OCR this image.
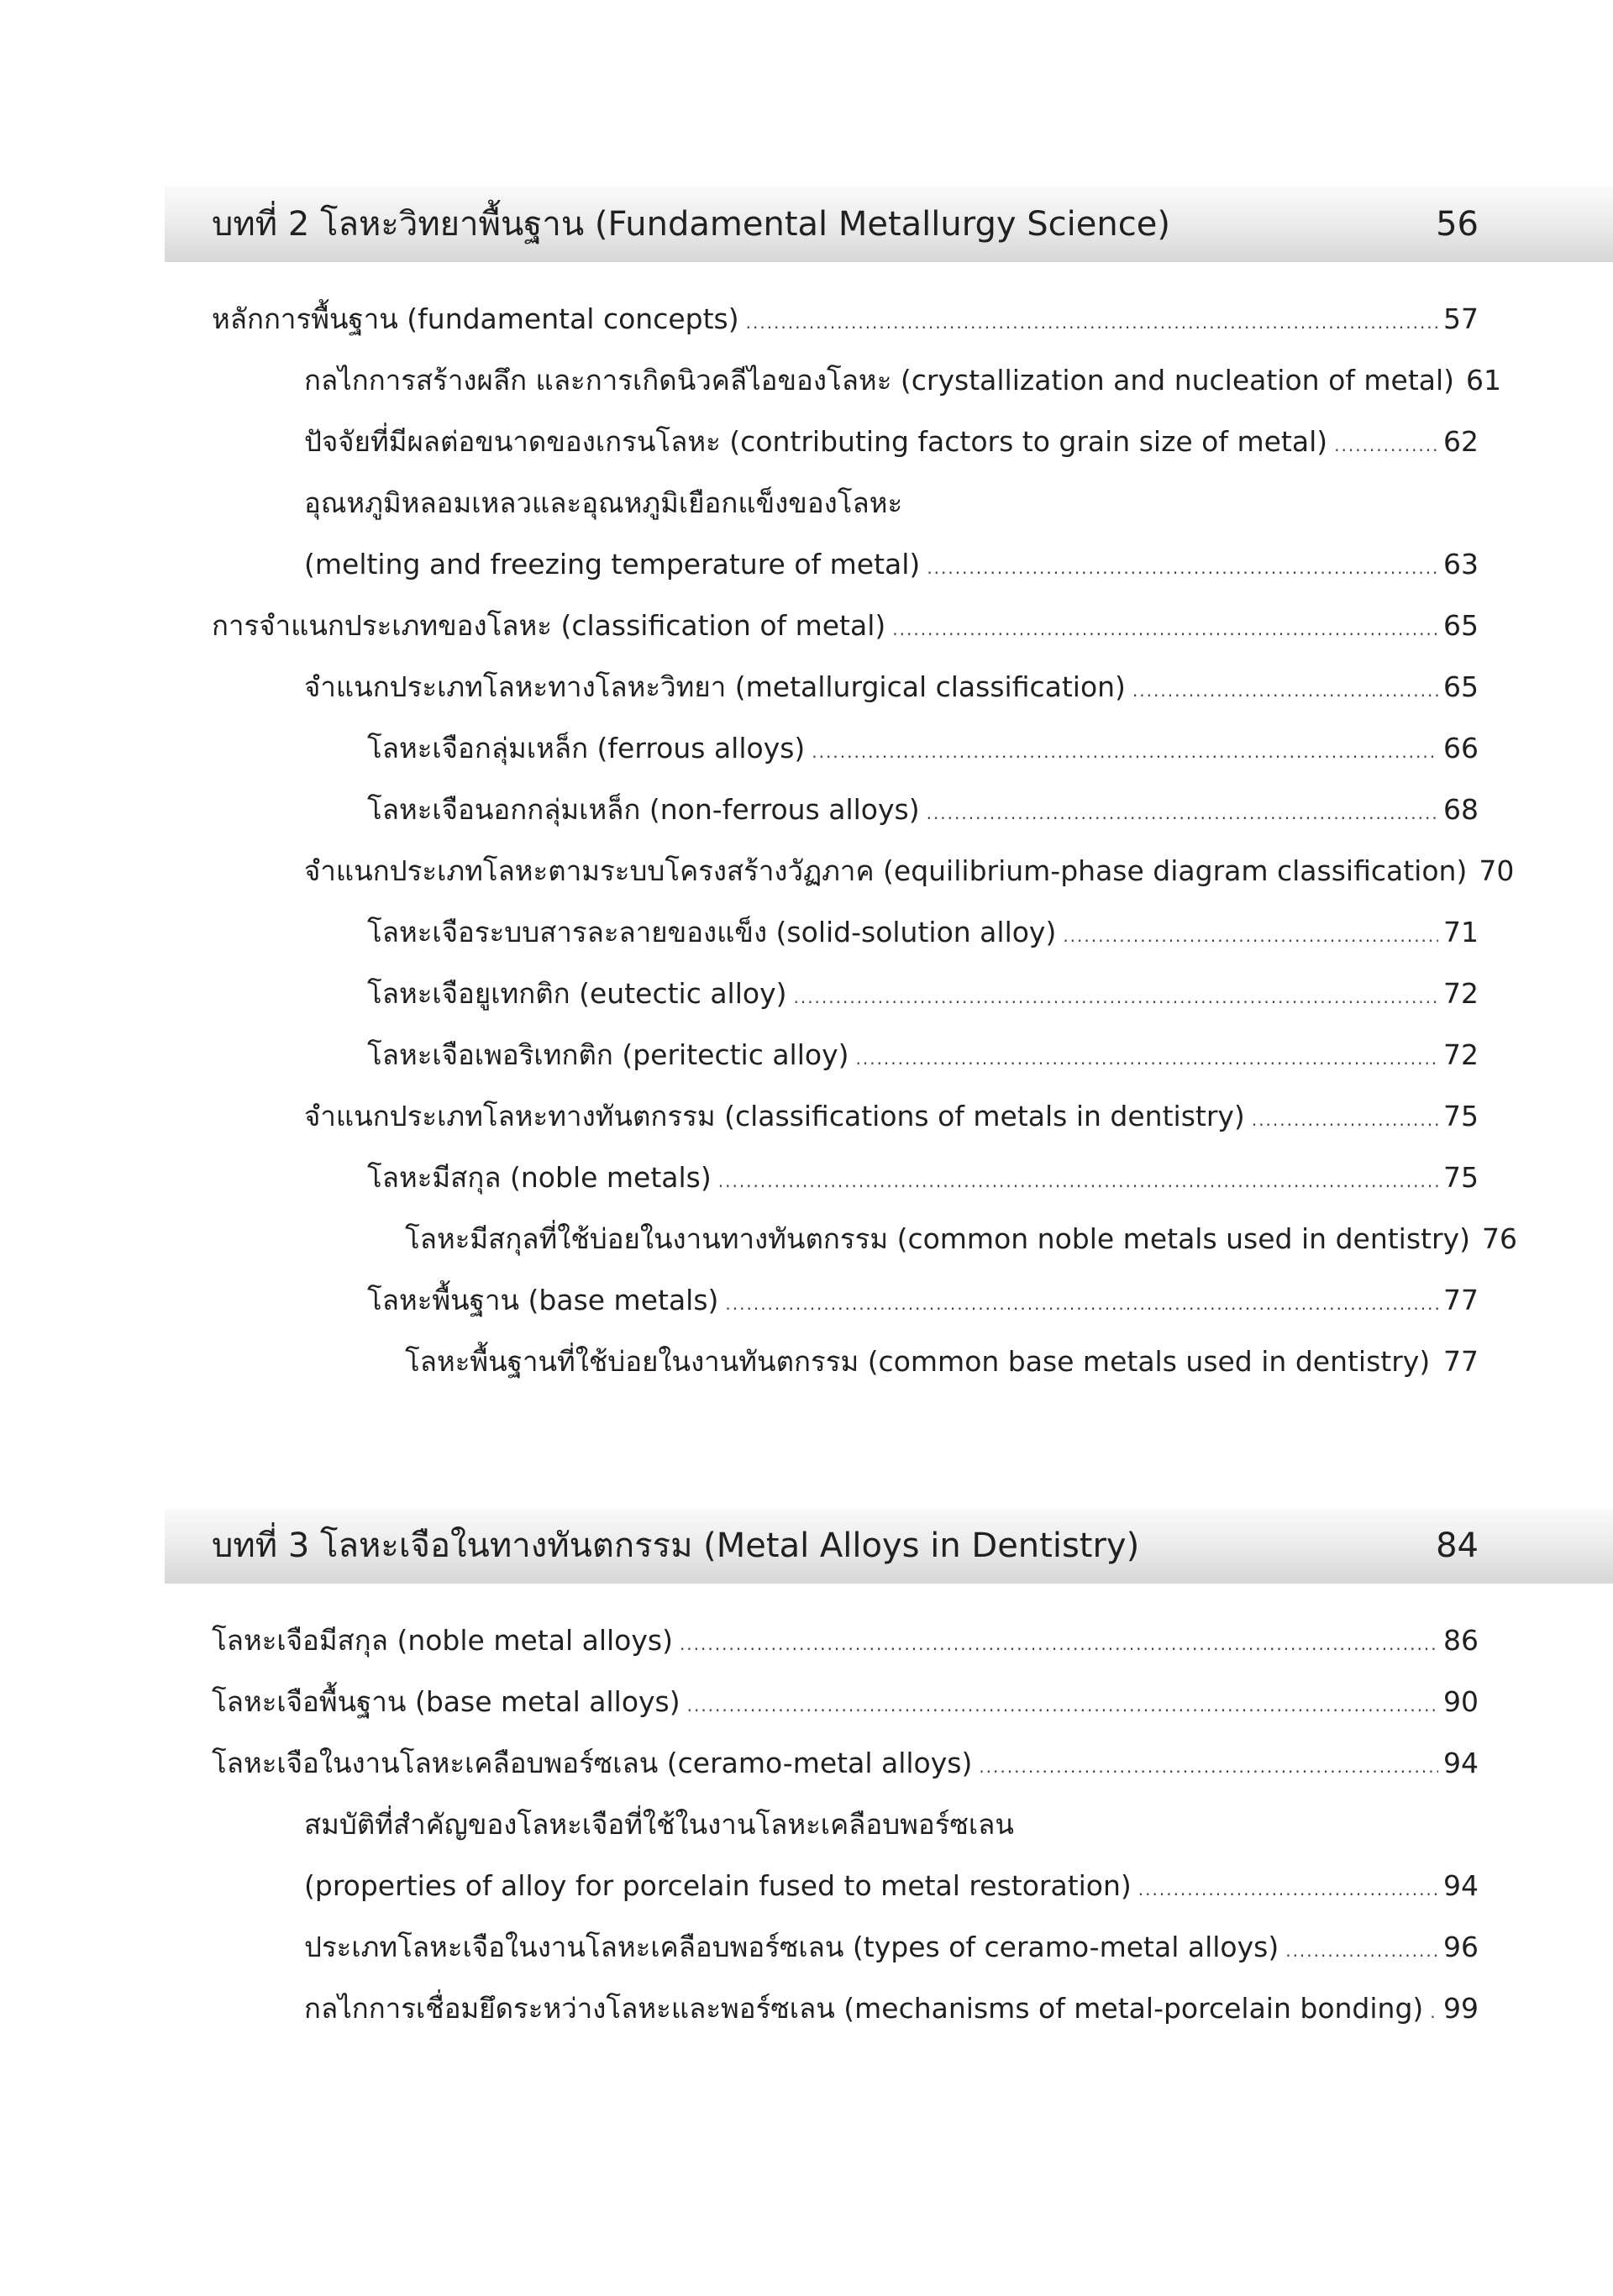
บทที่ 2 โลหะวิทยาพื้นฐาน (Fundamental Metallurgy Science)	56
หลักการพื้นฐาน (fundamental concepts) .....	57
กลไกการสร้างผลึก และการเกิดนิวคลีไอของโลหะ (crystallization and nucleation of metal) 61
ปัจจัยที่มีผลต่อขนาดของเกรนโลหะ (contributing factors to grain size of metal) .....	62
อุณหภูมิหลอมเหลวและอุณหภูมิเยือกแข็งของโลหะ
(melting and freezing temperature of metal) .....	63
การจำแนกประเภทของโลหะ (classification of metal) .....	65
จำแนกประเภทโลหะทางโลหะวิทยา (metallurgical classification) .....	65
โลหะเจือกลุ่มเหล็ก (ferrous alloys) .....	66
โลหะเจือนอกกลุ่มเหล็ก (non-ferrous alloys) .....	68
จำแนกประเภทโลหะตามระบบโครงสร้างวัฏภาค (equilibrium-phase diagram classification) 70
โลหะเจือระบบสารละลายของแข็ง (solid-solution alloy) .....	71
โลหะเจือยูเทกติก (eutectic alloy) .....	72
โลหะเจือเพอริเทกติก (peritectic alloy) .....	72
จำแนกประเภทโลหะทางทันตกรรม (classifications of metals in dentistry) .....	75
โลหะมีสกุล (noble metals) .....	75
โลหะมีสกุลที่ใช้บ่อยในงานทางทันตกรรม (common noble metals used in dentistry) 76
โลหะพื้นฐาน (base metals) .....	77
โลหะพื้นฐานที่ใช้บ่อยในงานทันตกรรม (common base metals used in dentistry) ..... 77
บทที่ 3 โลหะเจือในทางทันตกรรม (Metal Alloys in Dentistry)	84
โลหะเจือมีสกุล (noble metal alloys) .....	86
โลหะเจือพื้นฐาน (base metal alloys) .....	90
โลหะเจือในงานโลหะเคลือบพอร์ซเลน (ceramo-metal alloys) .....	94
สมบัติที่สำคัญของโลหะเจือที่ใช้ในงานโลหะเคลือบพอร์ซเลน
(properties of alloy for porcelain fused to metal restoration) .....	94
ประเภทโลหะเจือในงานโลหะเคลือบพอร์ซเลน (types of ceramo-metal alloys) .....	96
กลไกการเชื่อมยึดระหว่างโลหะและพอร์ซเลน (mechanisms of metal-porcelain bonding) ..... 99
